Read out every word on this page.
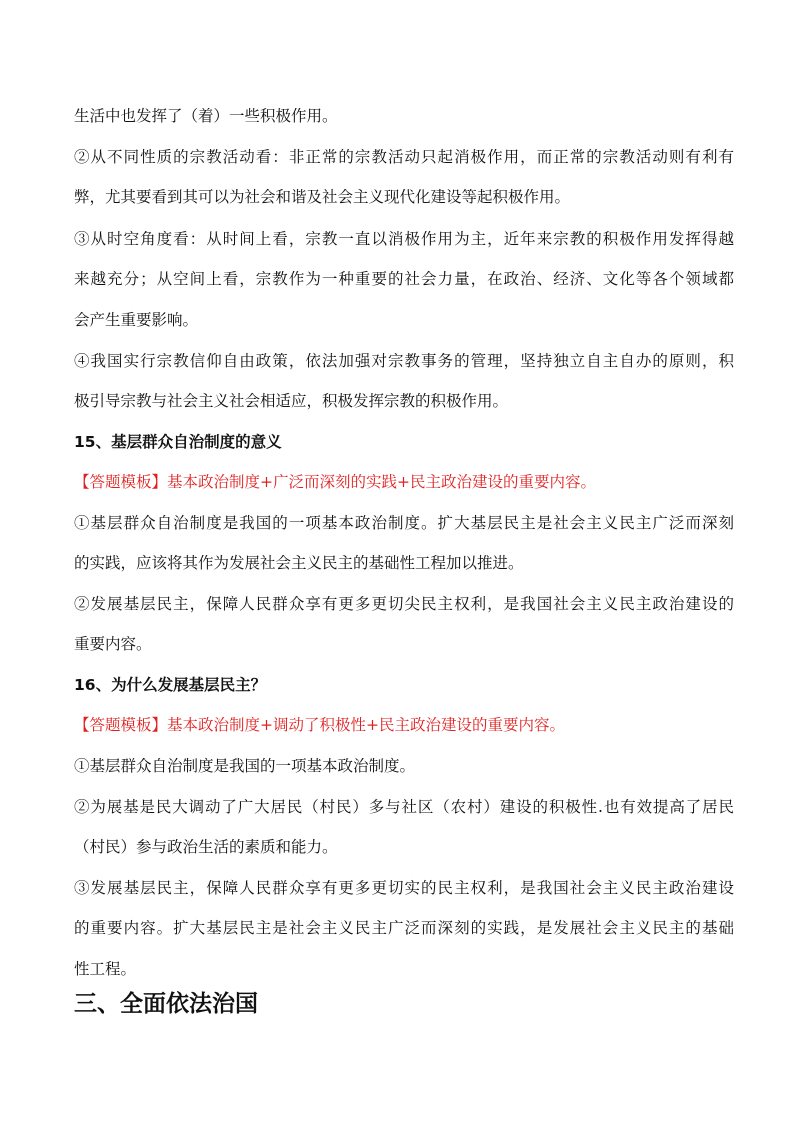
生活中也发挥了（着）一些积极作用。
②从不同性质的宗教活动看：非正常的宗教活动只起消极作用，而正常的宗教活动则有利有
弊，尤其要看到其可以为社会和谐及社会主义现代化建设等起积极作用。
③从时空角度看：从时间上看，宗教一直以消极作用为主，近年来宗教的积极作用发挥得越
来越充分；从空间上看，宗教作为一种重要的社会力量，在政治、经济、文化等各个领域都
会产生重要影响。
④我国实行宗教信仰自由政策，依法加强对宗教事务的管理，坚持独立自主自办的原则，积
极引导宗教与社会主义社会相适应，积极发挥宗教的积极作用。
15、基层群众自治制度的意义
【答题模板】基本政治制度+广泛而深刻的实践+民主政治建设的重要内容。
①基层群众自治制度是我国的一项基本政治制度。扩大基层民主是社会主义民主广泛而深刻
的实践，应该将其作为发展社会主义民主的基础性工程加以推进。
②发展基层民主，保障人民群众享有更多更切尖民主权利，是我国社会主义民主政治建设的
重要内容。
16、为什么发展基层民主？
【答题模板】基本政治制度+调动了积极性+民主政治建设的重要内容。
①基层群众自治制度是我国的一项基本政治制度。
②为展基是民大调动了广大居民（村民）多与社区（农村）建设的积极性.也有效提高了居民
（村民）参与政治生活的素质和能力。
③发展基层民主，保障人民群众享有更多更切实的民主权利，是我国社会主义民主政治建设
的重要内容。扩大基层民主是社会主义民主广泛而深刻的实践，是发展社会主义民主的基础
性工程。
三、全面依法治国
